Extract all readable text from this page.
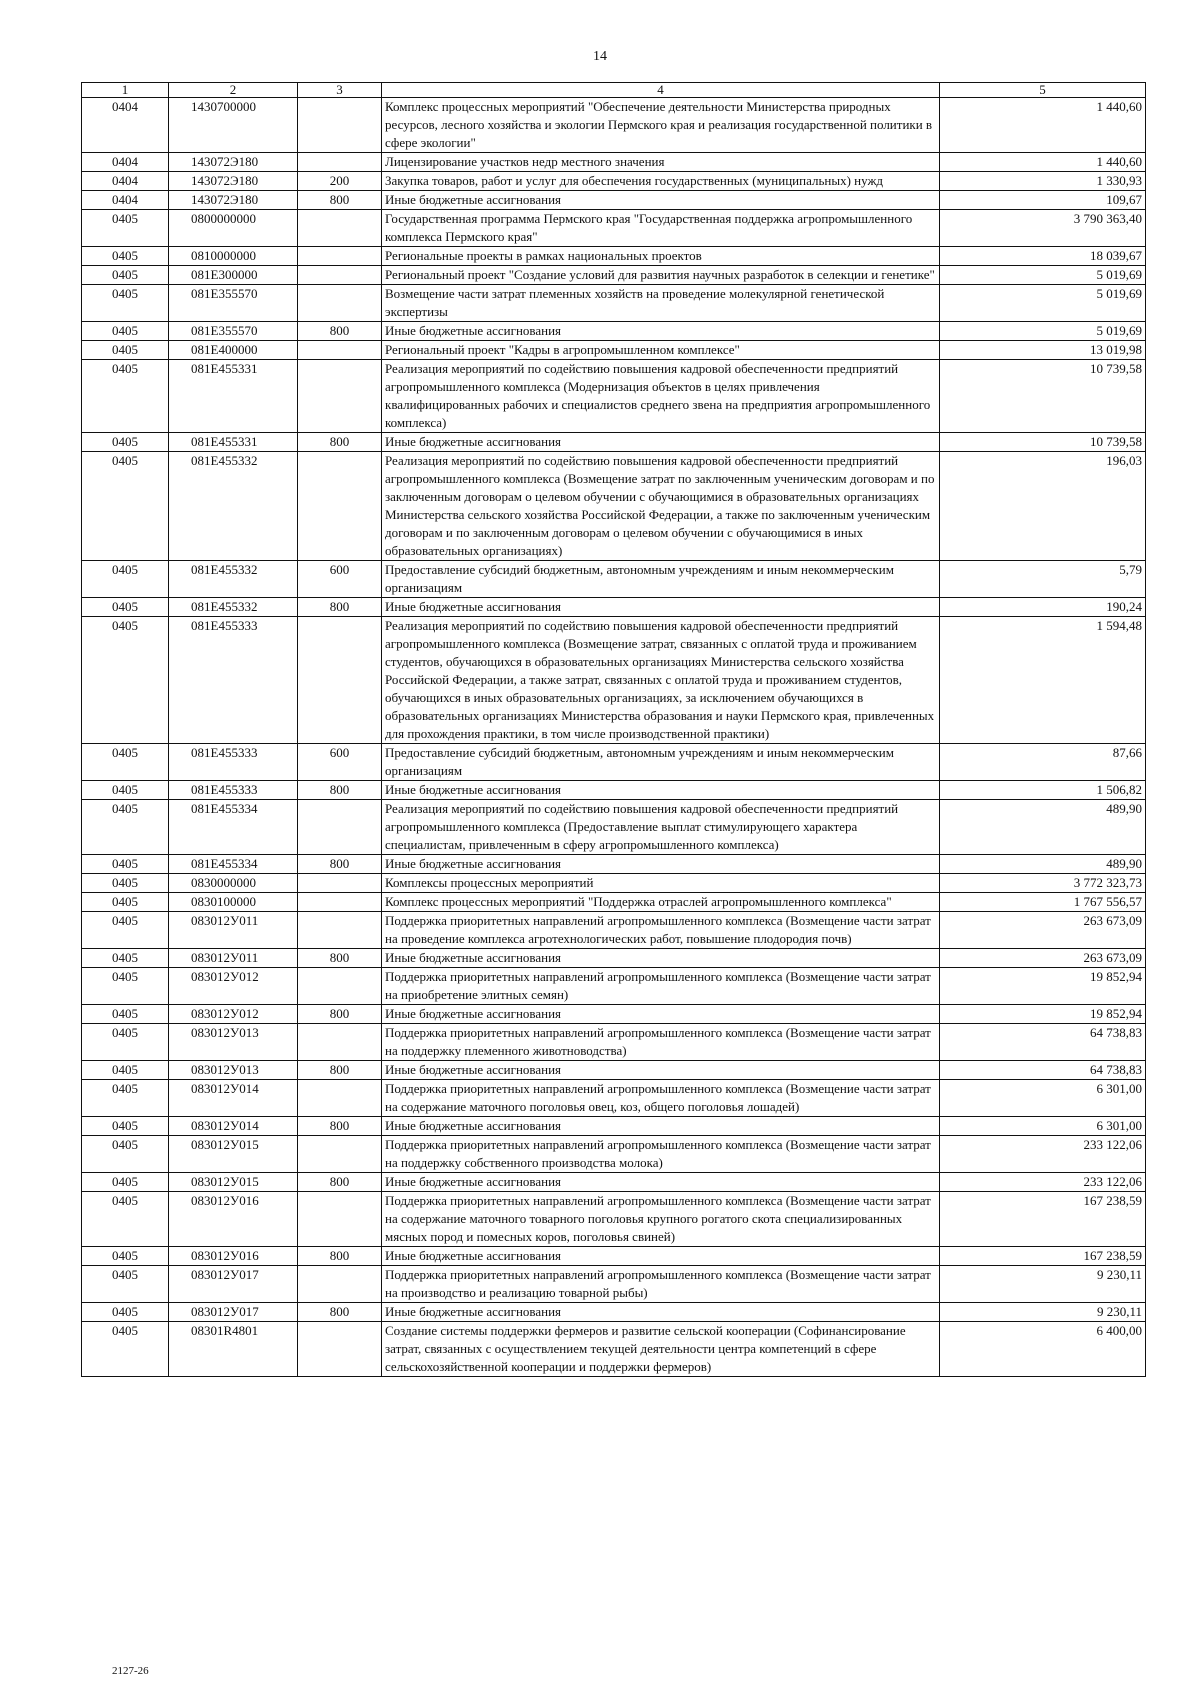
14
1	2	3	4	5
0404	1430700000		Комплекс процессных мероприятий "Обеспечение деятельности Министерства природных ресурсов, лесного хозяйства и экологии Пермского края и реализация государственной политики в сфере экологии"	1 440,60
0404	143072Э180		Лицензирование участков недр местного значения	1 440,60
0404	143072Э180	200	Закупка товаров, работ и услуг для обеспечения государственных (муниципальных) нужд	1 330,93
0404	143072Э180	800	Иные бюджетные ассигнования	109,67
0405	0800000000		Государственная программа Пермского края "Государственная поддержка агропромышленного комплекса Пермского края"	3 790 363,40
0405	0810000000		Региональные проекты в рамках национальных проектов	18 039,67
0405	081E300000		Региональный проект "Создание условий для развития научных разработок в селекции и генетике"	5 019,69
0405	081E355570		Возмещение части затрат племенных хозяйств на проведение молекулярной генетической экспертизы	5 019,69
0405	081E355570	800	Иные бюджетные ассигнования	5 019,69
0405	081E400000		Региональный проект "Кадры в агропромышленном комплексе"	13 019,98
0405	081E455331		Реализация мероприятий по содействию повышения кадровой обеспеченности предприятий агропромышленного комплекса (Модернизация объектов в целях привлечения квалифицированных рабочих и специалистов среднего звена на предприятия агропромышленного комплекса)	10 739,58
0405	081E455331	800	Иные бюджетные ассигнования	10 739,58
0405	081E455332		Реализация мероприятий по содействию повышения кадровой обеспеченности предприятий агропромышленного комплекса (Возмещение затрат по заключенным ученическим договорам и по заключенным договорам о целевом обучении с обучающимися в образовательных организациях Министерства сельского хозяйства Российской Федерации, а также по заключенным ученическим договорам и по заключенным договорам о целевом обучении с обучающимися в иных образовательных организациях)	196,03
0405	081E455332	600	Предоставление субсидий бюджетным, автономным учреждениям и иным некоммерческим организациям	5,79
0405	081E455332	800	Иные бюджетные ассигнования	190,24
0405	081E455333		Реализация мероприятий по содействию повышения кадровой обеспеченности предприятий агропромышленного комплекса (Возмещение затрат, связанных с оплатой труда и проживанием студентов, обучающихся в образовательных организациях Министерства сельского хозяйства Российской Федерации, а также затрат, связанных с оплатой труда и проживанием студентов, обучающихся в иных образовательных организациях, за исключением обучающихся в образовательных организациях Министерства образования и науки Пермского края, привлеченных для прохождения практики, в том числе производственной практики)	1 594,48
0405	081E455333	600	Предоставление субсидий бюджетным, автономным учреждениям и иным некоммерческим организациям	87,66
0405	081E455333	800	Иные бюджетные ассигнования	1 506,82
0405	081E455334		Реализация мероприятий по содействию повышения кадровой обеспеченности предприятий агропромышленного комплекса (Предоставление выплат стимулирующего характера специалистам, привлеченным в сферу агропромышленного комплекса)	489,90
0405	081E455334	800	Иные бюджетные ассигнования	489,90
0405	0830000000		Комплексы процессных мероприятий	3 772 323,73
0405	0830100000		Комплекс процессных мероприятий "Поддержка отраслей агропромышленного комплекса"	1 767 556,57
0405	083012У011		Поддержка приоритетных направлений агропромышленного комплекса (Возмещение части затрат на проведение комплекса агротехнологических работ, повышение плодородия почв)	263 673,09
0405	083012У011	800	Иные бюджетные ассигнования	263 673,09
0405	083012У012		Поддержка приоритетных направлений агропромышленного комплекса (Возмещение части затрат на приобретение элитных семян)	19 852,94
0405	083012У012	800	Иные бюджетные ассигнования	19 852,94
0405	083012У013		Поддержка приоритетных направлений агропромышленного комплекса (Возмещение части затрат на поддержку племенного животноводства)	64 738,83
0405	083012У013	800	Иные бюджетные ассигнования	64 738,83
0405	083012У014		Поддержка приоритетных направлений агропромышленного комплекса (Возмещение части затрат на содержание маточного поголовья овец, коз, общего поголовья лошадей)	6 301,00
0405	083012У014	800	Иные бюджетные ассигнования	6 301,00
0405	083012У015		Поддержка приоритетных направлений агропромышленного комплекса (Возмещение части затрат на поддержку собственного производства молока)	233 122,06
0405	083012У015	800	Иные бюджетные ассигнования	233 122,06
0405	083012У016		Поддержка приоритетных направлений агропромышленного комплекса (Возмещение части затрат на содержание маточного товарного поголовья крупного рогатого скота специализированных мясных пород и помесных коров, поголовья свиней)	167 238,59
0405	083012У016	800	Иные бюджетные ассигнования	167 238,59
0405	083012У017		Поддержка приоритетных направлений агропромышленного комплекса (Возмещение части затрат на производство и реализацию товарной рыбы)	9 230,11
0405	083012У017	800	Иные бюджетные ассигнования	9 230,11
0405	08301R4801		Создание системы поддержки фермеров и развитие сельской кооперации (Софинансирование затрат, связанных с осуществлением текущей деятельности центра компетенций в сфере сельскохозяйственной кооперации и поддержки фермеров)	6 400,00
2127-26
